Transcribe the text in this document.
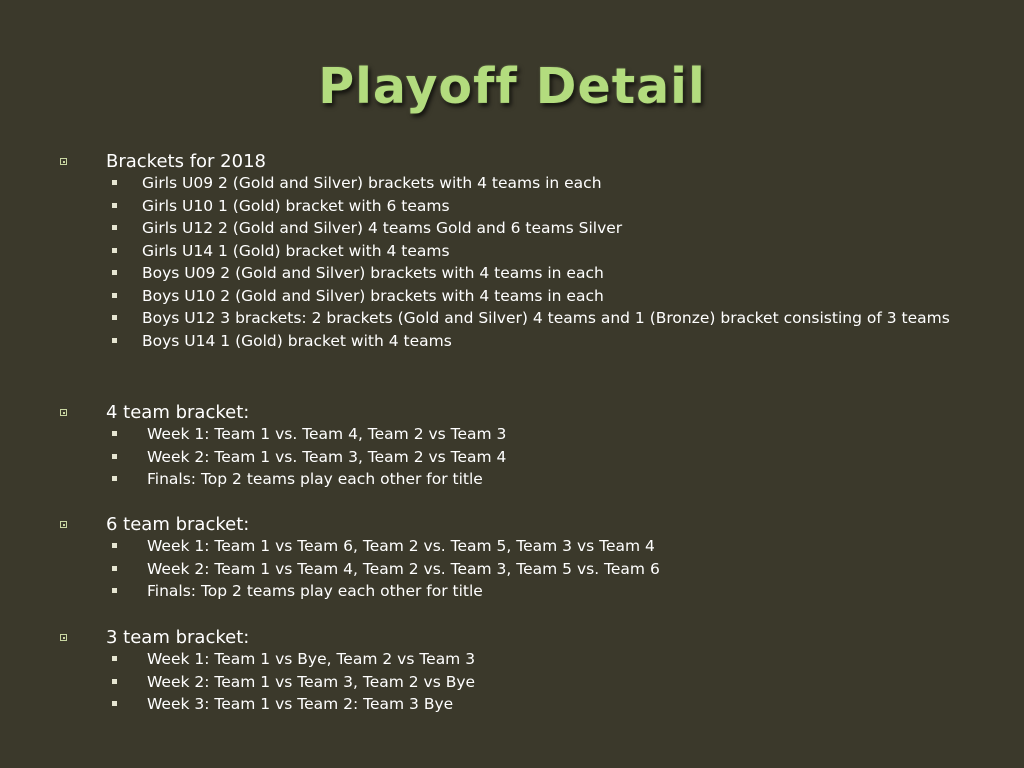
Playoff Detail
Brackets for 2018
Girls U09 2 (Gold and Silver) brackets with 4 teams in each
Girls U10 1 (Gold) bracket with 6 teams
Girls U12 2 (Gold and Silver) 4 teams Gold and 6 teams Silver
Girls U14 1 (Gold) bracket with 4 teams
Boys U09 2 (Gold and Silver) brackets with 4 teams in each
Boys U10 2 (Gold and Silver) brackets with 4 teams in each
Boys U12 3 brackets: 2 brackets (Gold and Silver) 4 teams and 1 (Bronze) bracket consisting of 3 teams
Boys U14 1 (Gold) bracket with 4 teams
4 team bracket:
Week 1: Team 1 vs. Team 4, Team 2 vs Team 3
Week 2: Team 1 vs. Team 3, Team 2 vs Team 4
Finals: Top 2 teams play each other for title
6 team bracket:
Week 1: Team 1 vs Team 6, Team 2 vs. Team 5, Team 3 vs Team 4
Week 2: Team 1 vs Team 4, Team 2 vs. Team 3, Team 5 vs. Team 6
Finals: Top 2 teams play each other for title
3 team bracket:
Week 1: Team 1 vs Bye, Team 2 vs Team 3
Week 2: Team 1 vs Team 3, Team 2 vs Bye
Week 3: Team 1 vs Team 2: Team 3 Bye
